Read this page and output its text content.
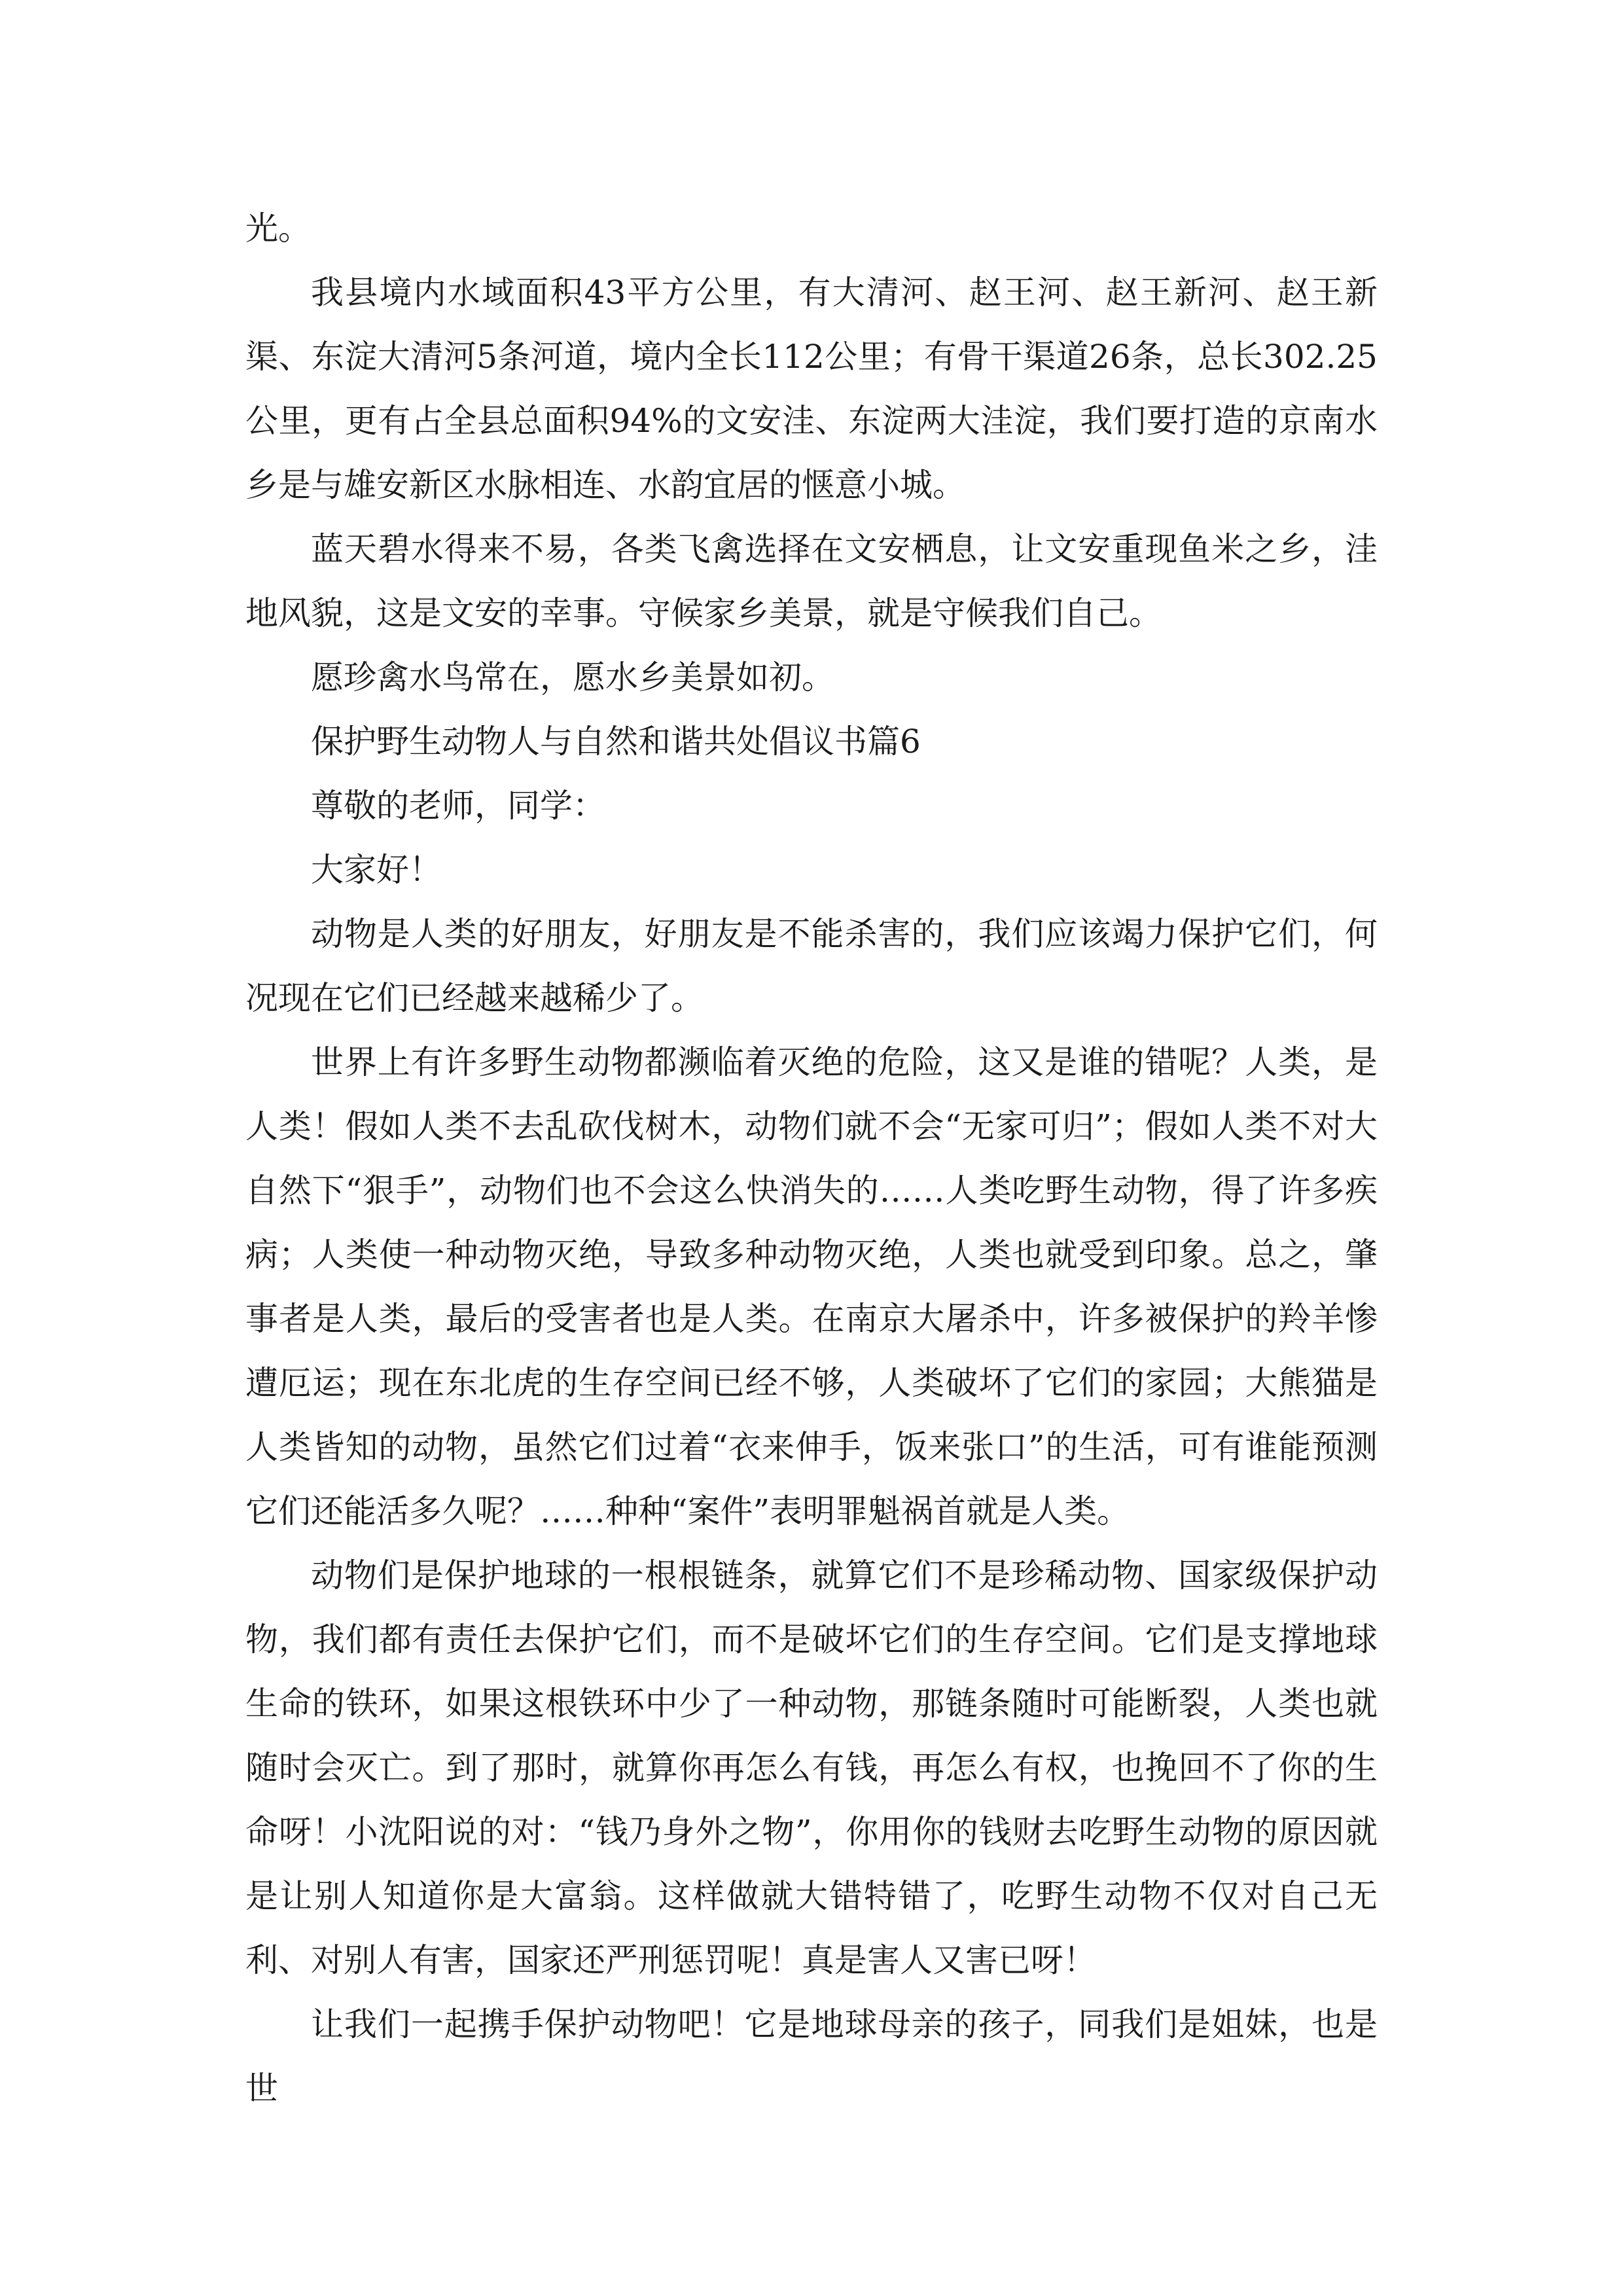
光。

我县境内水域面积43平方公里，有大清河、赵王河、赵王新河、赵王新渠、东淀大清河5条河道，境内全长112公里；有骨干渠道26条，总长302.25公里，更有占全县总面积94%的文安洼、东淀两大洼淀，我们要打造的京南水乡是与雄安新区水脉相连、水韵宜居的惬意小城。

蓝天碧水得来不易，各类飞禽选择在文安栖息，让文安重现鱼米之乡，洼地风貌，这是文安的幸事。守候家乡美景，就是守候我们自己。

愿珍禽水鸟常在，愿水乡美景如初。

保护野生动物人与自然和谐共处倡议书篇6

尊敬的老师，同学：

大家好！

动物是人类的好朋友，好朋友是不能杀害的，我们应该竭力保护它们，何况现在它们已经越来越稀少了。

世界上有许多野生动物都濒临着灭绝的危险，这又是谁的错呢？人类，是人类！假如人类不去乱砍伐树木，动物们就不会“无家可归”；假如人类不对大自然下“狠手”，动物们也不会这么快消失的……人类吃野生动物，得了许多疾病；人类使一种动物灭绝，导致多种动物灭绝，人类也就受到印象。总之，肇事者是人类，最后的受害者也是人类。在南京大屠杀中，许多被保护的羚羊惨遭厄运；现在东北虎的生存空间已经不够，人类破坏了它们的家园；大熊猫是人类皆知的动物，虽然它们过着“衣来伸手，饭来张口”的生活，可有谁能预测它们还能活多久呢？……种种“案件”表明罪魁祸首就是人类。

动物们是保护地球的一根根链条，就算它们不是珍稀动物、国家级保护动物，我们都有责任去保护它们，而不是破坏它们的生存空间。它们是支撑地球生命的铁环，如果这根铁环中少了一种动物，那链条随时可能断裂，人类也就随时会灭亡。到了那时，就算你再怎么有钱，再怎么有权，也挽回不了你的生命呀！小沈阳说的对：“钱乃身外之物”，你用你的钱财去吃野生动物的原因就是让别人知道你是大富翁。这样做就大错特错了，吃野生动物不仅对自己无利、对别人有害，国家还严刑惩罚呢！真是害人又害已呀！

让我们一起携手保护动物吧！它是地球母亲的孩子，同我们是姐妹，也是世
